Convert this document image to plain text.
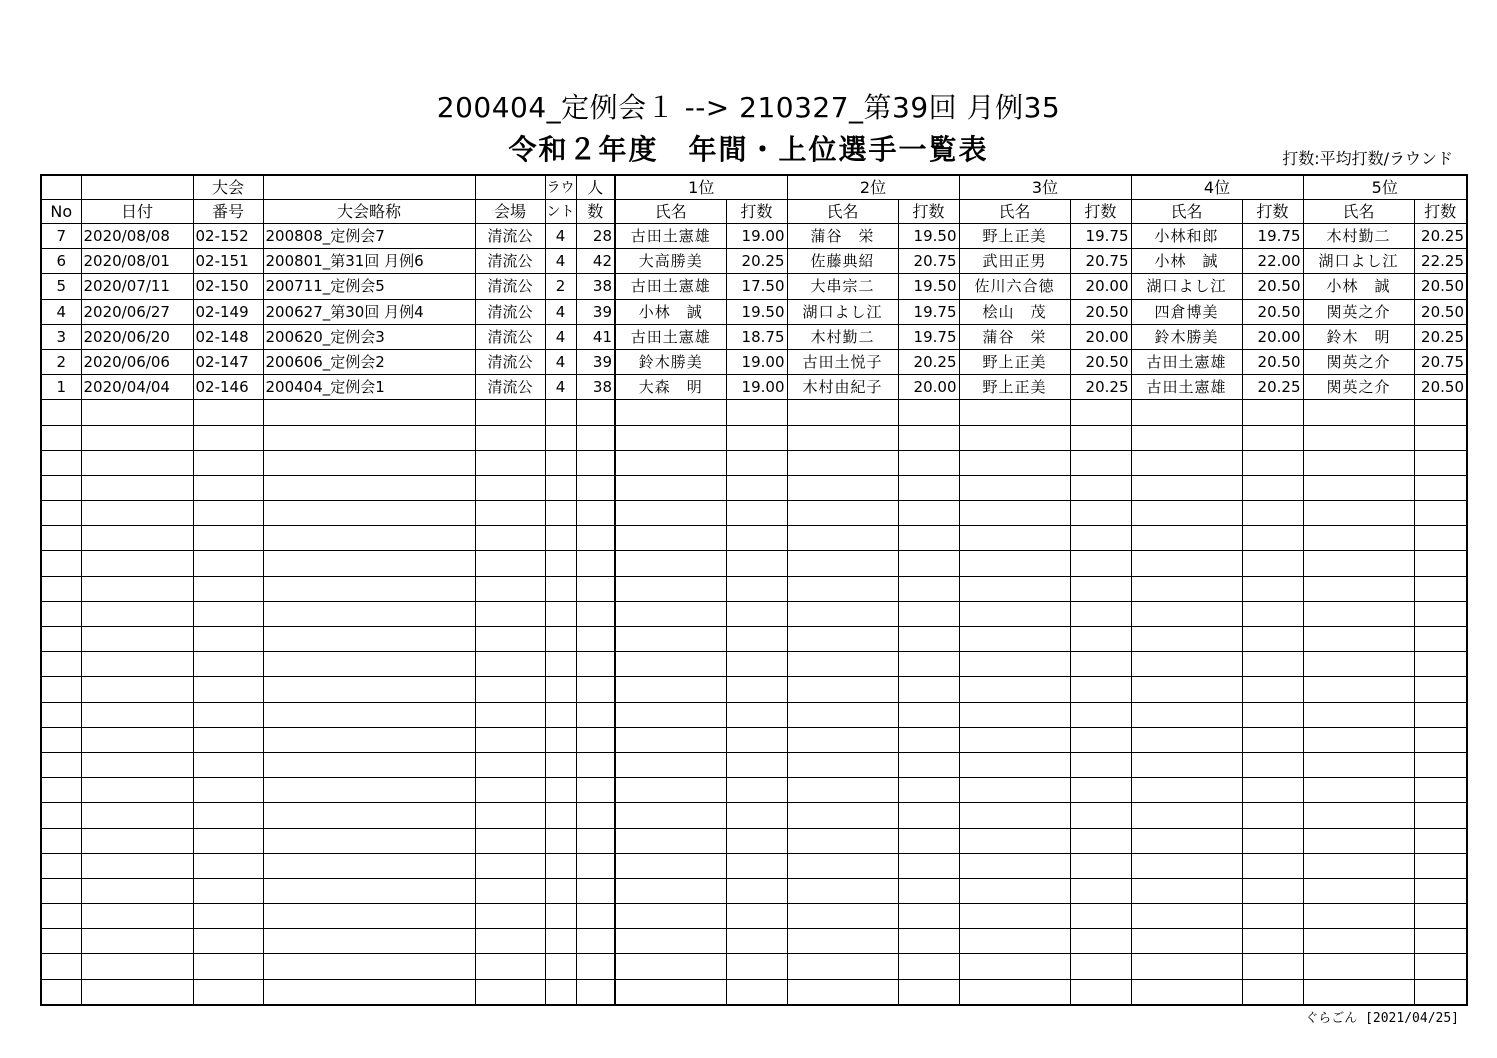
200404_定例会１ --> 210327_第39回 月例35
令和２年度　年間・上位選手一覧表	打数:平均打数/ラウンド
		大会			ラウ	人	1位		2位		3位		4位		5位	
No	日付	番号	大会略称	会場	ント	数	氏名	打数	氏名	打数	氏名	打数	氏名	打数	氏名	打数
7	2020/08/08	02-152	200808_定例会7	清流公	4	28	古田土憲雄	19.00	蒲谷　栄	19.50	野上正美	19.75	小林和郎	19.75	木村勤二	20.25
6	2020/08/01	02-151	200801_第31回 月例6	清流公	4	42	大高勝美	20.25	佐藤典紹	20.75	武田正男	20.75	小林　誠	22.00	湖口よし江	22.25
5	2020/07/11	02-150	200711_定例会5	清流公	2	38	古田土憲雄	17.50	大串宗二	19.50	佐川六合徳	20.00	湖口よし江	20.50	小林　誠	20.50
4	2020/06/27	02-149	200627_第30回 月例4	清流公	4	39	小林　誠	19.50	湖口よし江	19.75	桧山　茂	20.50	四倉博美	20.50	関英之介	20.50
3	2020/06/20	02-148	200620_定例会3	清流公	4	41	古田土憲雄	18.75	木村勤二	19.75	蒲谷　栄	20.00	鈴木勝美	20.00	鈴木　明	20.25
2	2020/06/06	02-147	200606_定例会2	清流公	4	39	鈴木勝美	19.00	古田土悦子	20.25	野上正美	20.50	古田土憲雄	20.50	関英之介	20.75
1	2020/04/04	02-146	200404_定例会1	清流公	4	38	大森　明	19.00	木村由紀子	20.00	野上正美	20.25	古田土憲雄	20.25	関英之介	20.50

ぐらごん [2021/04/25]
